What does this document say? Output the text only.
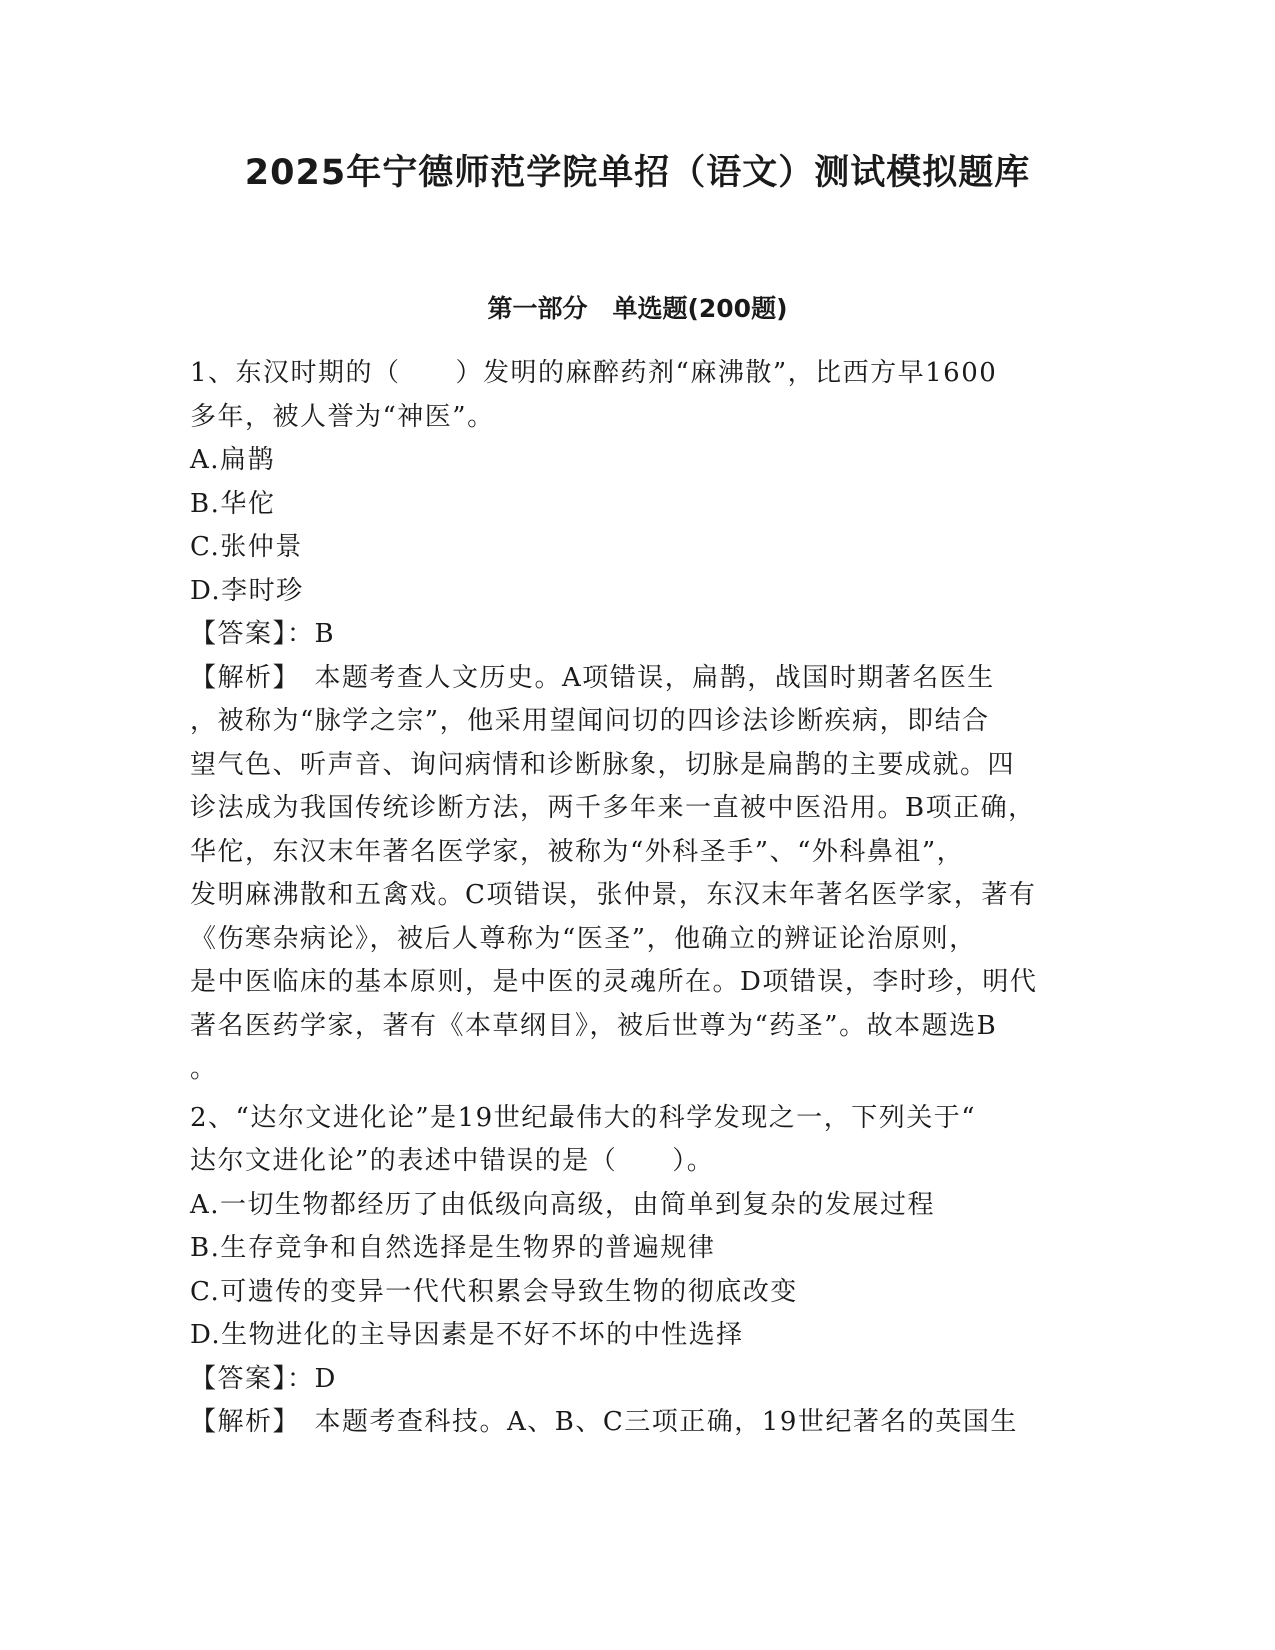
2025年宁德师范学院单招（语文）测试模拟题库
第一部分　单选题(200题)

1、东汉时期的（　　）发明的麻醉药剂“麻沸散”，比西方早1600

多年，被人誉为“神医”。

A.扁鹊

B.华佗

C.张仲景

D.李时珍

【答案】：B

【解析】　本题考查人文历史。A项错误，扁鹊，战国时期著名医生

，被称为“脉学之宗”，他采用望闻问切的四诊法诊断疾病，即结合

望气色、听声音、询问病情和诊断脉象，切脉是扁鹊的主要成就。四

诊法成为我国传统诊断方法，两千多年来一直被中医沿用。B项正确，

华佗，东汉末年著名医学家，被称为“外科圣手”、“外科鼻祖”，

发明麻沸散和五禽戏。C项错误，张仲景，东汉末年著名医学家，著有

《伤寒杂病论》，被后人尊称为“医圣”，他确立的辨证论治原则，

是中医临床的基本原则，是中医的灵魂所在。D项错误，李时珍，明代

著名医药学家，著有《本草纲目》，被后世尊为“药圣”。故本题选B

。

2、“达尔文进化论”是19世纪最伟大的科学发现之一，下列关于“

达尔文进化论”的表述中错误的是（　　）。

A.一切生物都经历了由低级向高级，由简单到复杂的发展过程

B.生存竞争和自然选择是生物界的普遍规律

C.可遗传的变异一代代积累会导致生物的彻底改变

D.生物进化的主导因素是不好不坏的中性选择

【答案】：D

【解析】　本题考查科技。A、B、C三项正确，19世纪著名的英国生
